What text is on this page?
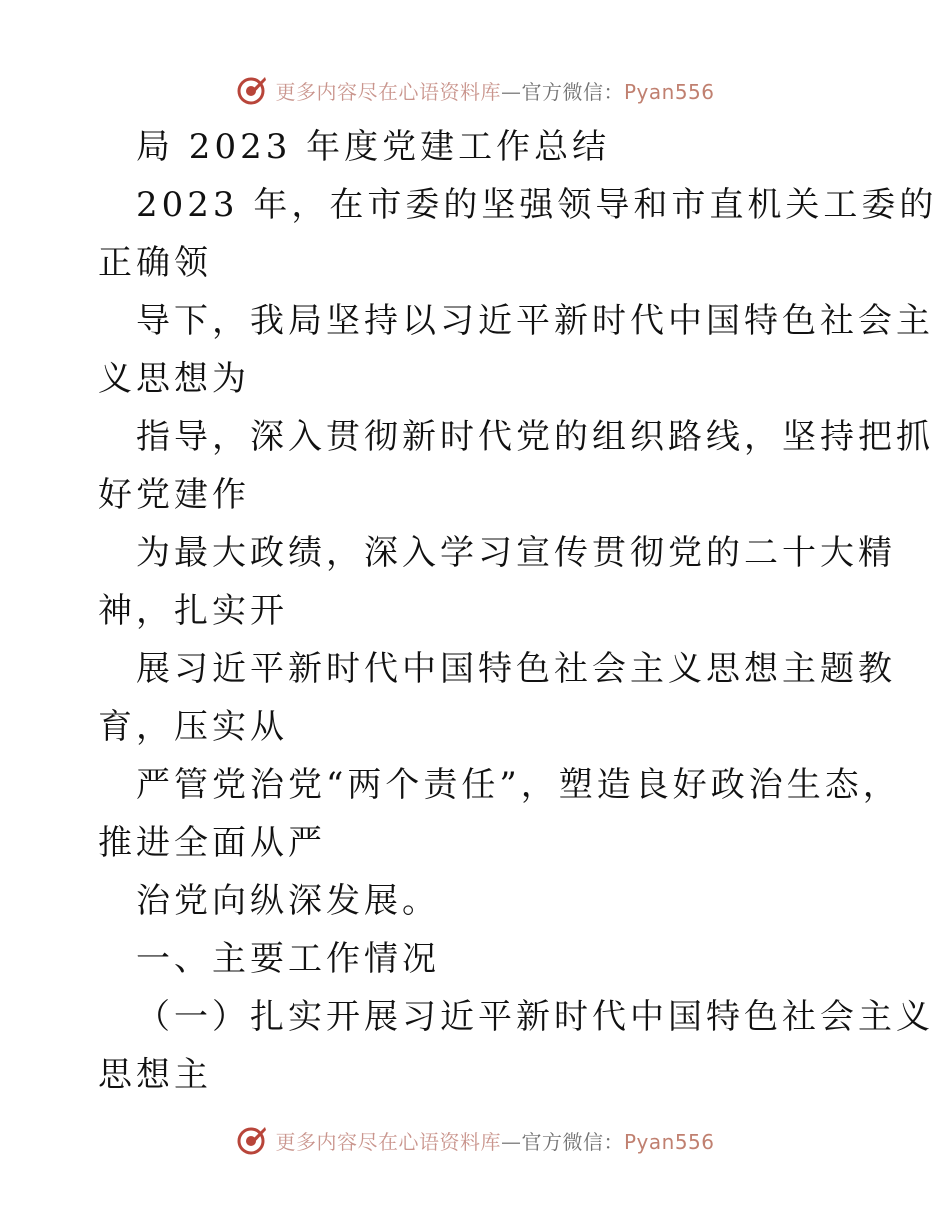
更多内容尽在心语资料库—官方微信：Pyan556
局 2023 年度党建工作总结
2023 年，在市委的坚强领导和市直机关工委的
正确领
导下，我局坚持以习近平新时代中国特色社会主
义思想为
指导，深入贯彻新时代党的组织路线，坚持把抓
好党建作
为最大政绩，深入学习宣传贯彻党的二十大精
神，扎实开
展习近平新时代中国特色社会主义思想主题教
育，压实从
严管党治党“两个责任”，塑造良好政治生态，
推进全面从严
治党向纵深发展。
一、主要工作情况
（一）扎实开展习近平新时代中国特色社会主义
思想主
更多内容尽在心语资料库—官方微信：Pyan556
